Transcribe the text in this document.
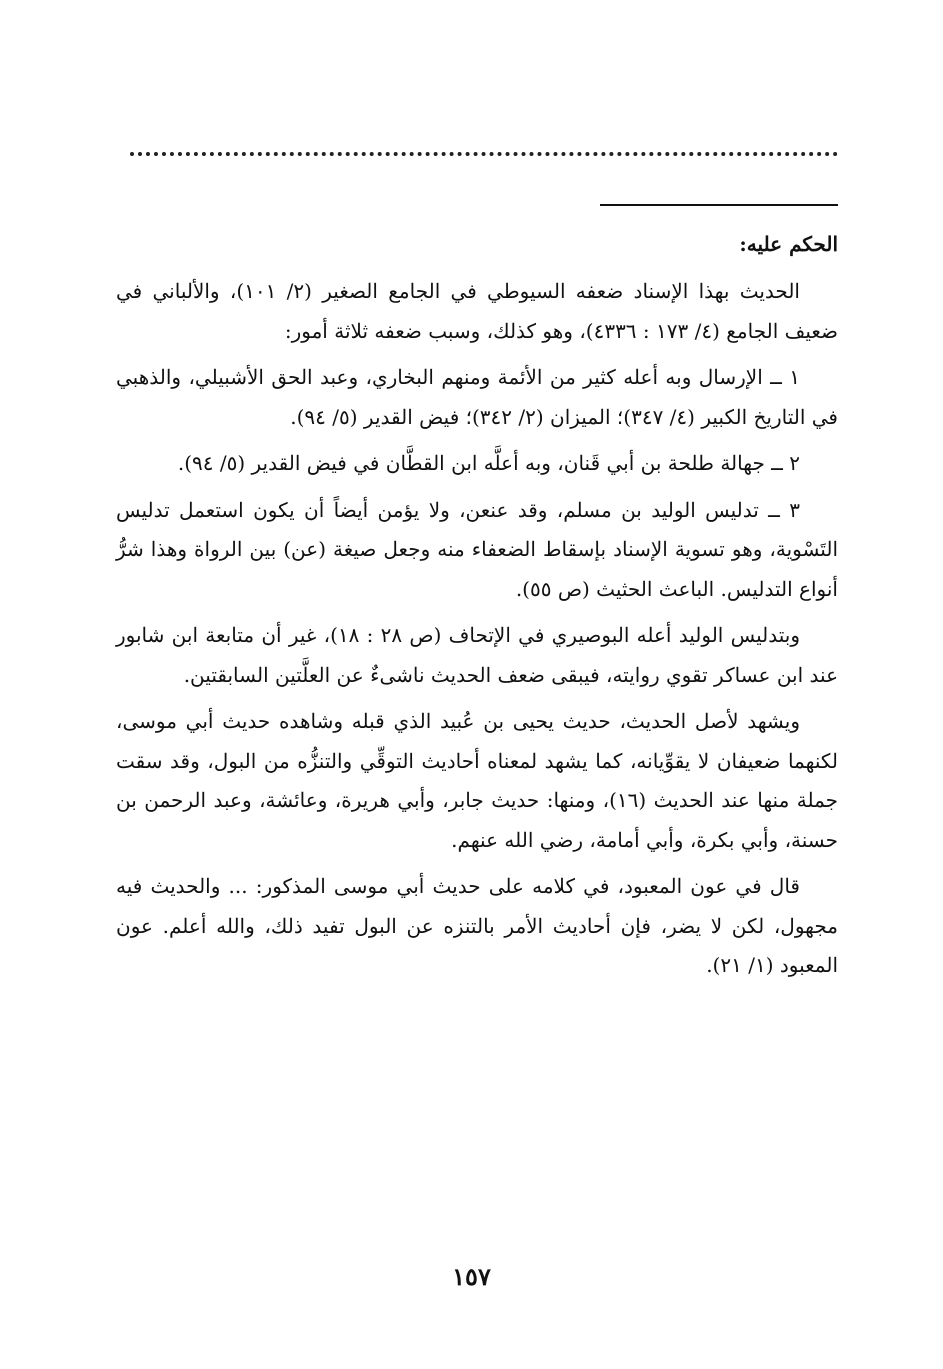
الحكم عليه:

الحديث بهذا الإسناد ضعفه السيوطي في الجامع الصغير (٢/ ١٠١)، والألباني في ضعيف الجامع (٤/ ١٧٣ : ٤٣٣٦)، وهو كذلك، وسبب ضعفه ثلاثة أمور:

١ ــ الإرسال وبه أعله كثير من الأئمة ومنهم البخاري، وعبد الحق الأشبيلي، والذهبي في التاريخ الكبير (٤/ ٣٤٧)؛ الميزان (٢/ ٣٤٢)؛ فيض القدير (٥/ ٩٤).

٢ ــ جهالة طلحة بن أبي قَنان، وبه أعلَّه ابن القطَّان في فيض القدير (٥/ ٩٤).

٣ ــ تدليس الوليد بن مسلم، وقد عنعن، ولا يؤمن أيضاً أن يكون استعمل تدليس التَسْوية، وهو تسوية الإسناد بإسقاط الضعفاء منه وجعل صيغة (عن) بين الرواة وهذا شرُّ أنواع التدليس. الباعث الحثيث (ص ٥٥).

وبتدليس الوليد أعله البوصيري في الإتحاف (ص ٢٨ : ١٨)، غير أن متابعة ابن شابور عند ابن عساكر تقوي روايته، فيبقى ضعف الحديث ناشىءٌ عن العلَّتين السابقتين.

ويشهد لأصل الحديث، حديث يحيى بن عُبيد الذي قبله وشاهده حديث أبي موسى، لكنهما ضعيفان لا يقوِّيانه، كما يشهد لمعناه أحاديث التوقِّي والتنزُّه من البول، وقد سقت جملة منها عند الحديث (١٦)، ومنها: حديث جابر، وأبي هريرة، وعائشة، وعبد الرحمن بن حسنة، وأبي بكرة، وأبي أمامة، رضي الله عنهم.

قال في عون المعبود، في كلامه على حديث أبي موسى المذكور: ... والحديث فيه مجهول، لكن لا يضر، فإن أحاديث الأمر بالتنزه عن البول تفيد ذلك، والله أعلم. عون المعبود (١/ ٢١).

١٥٧
